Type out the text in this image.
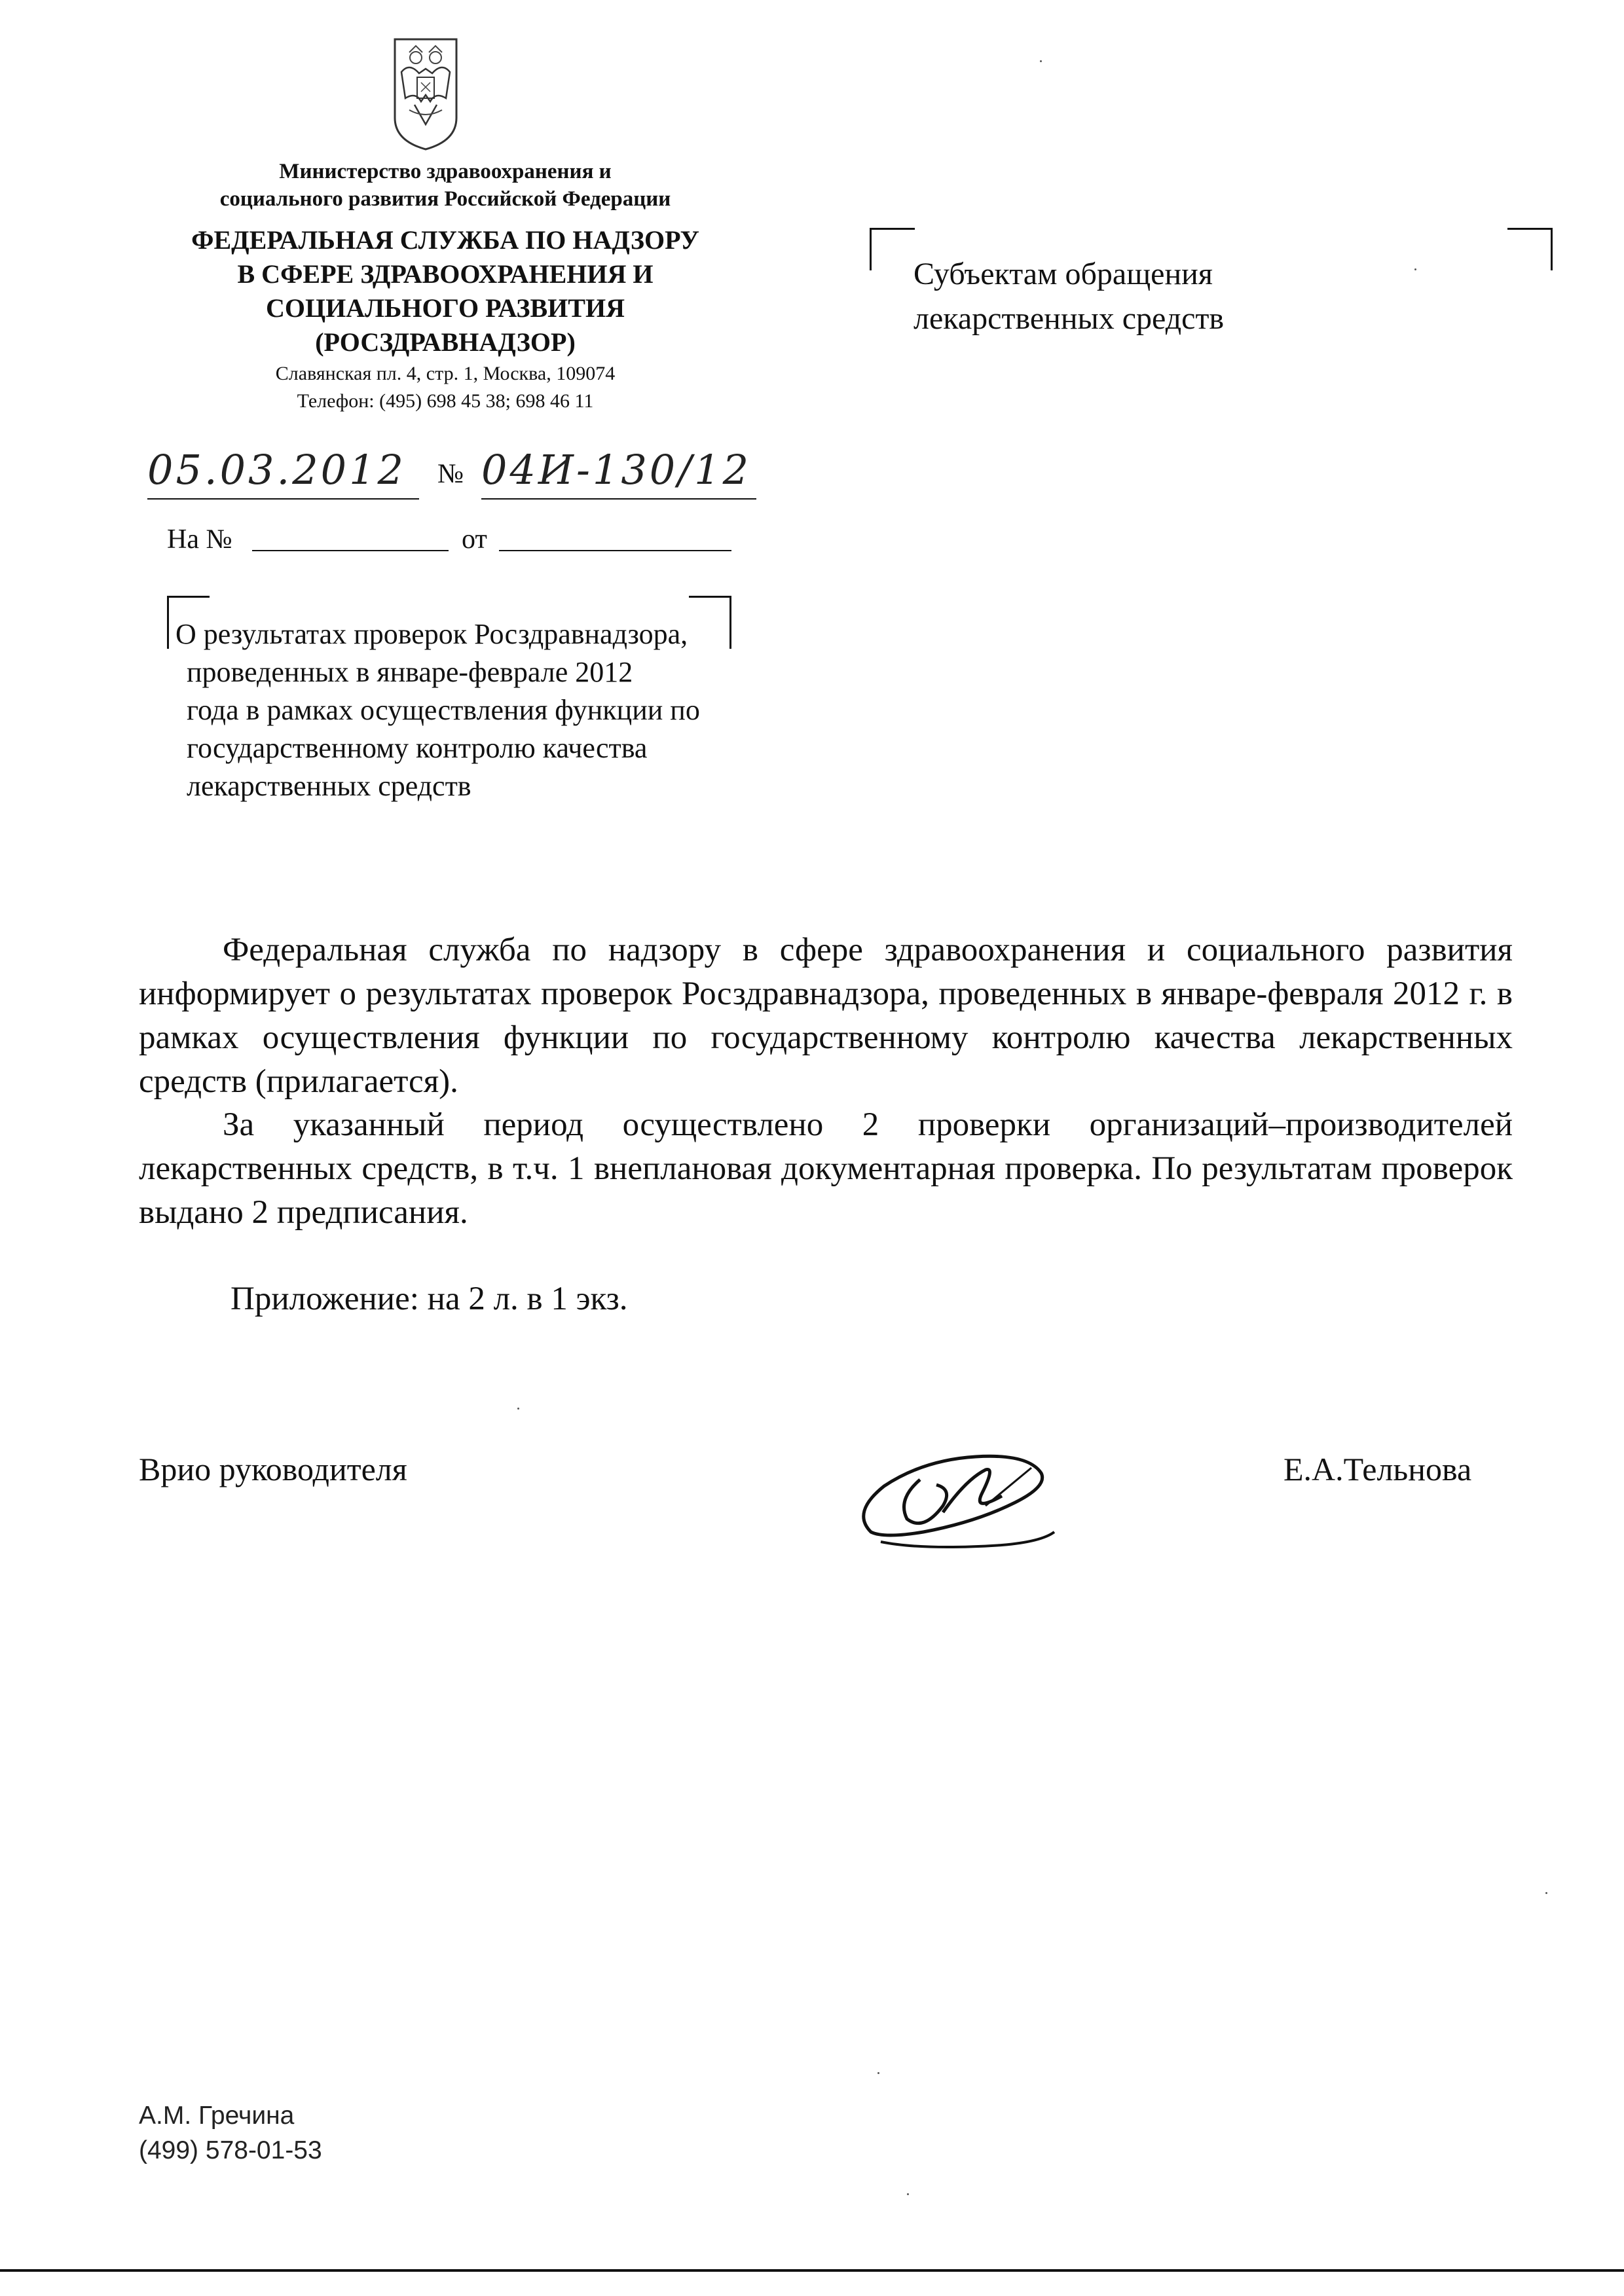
Министерство здравоохранения и
социального развития Российской Федерации
ФЕДЕРАЛЬНАЯ СЛУЖБА ПО НАДЗОРУ
В СФЕРЕ ЗДРАВООХРАНЕНИЯ И
СОЦИАЛЬНОГО РАЗВИТИЯ
(РОСЗДРАВНАДЗОР)
Славянская пл. 4, стр. 1, Москва, 109074
Телефон: (495) 698 45 38; 698 46 11
05.03.2012	№ 04И-130/12
На №	от
Субъектам обращения
лекарственных средств
О результатах проверок Росздравнадзора,
проведенных в январе-феврале 2012
года в рамках осуществления функции по
государственному контролю качества
лекарственных средств
Федеральная служба по надзору в сфере здравоохранения и социального развития информирует о результатах проверок Росздравнадзора, проведенных в январе-февраля 2012 г. в рамках осуществления функции по государственному контролю качества лекарственных средств (прилагается).
За указанный период осуществлено 2 проверки организаций–производителей лекарственных средств, в т.ч. 1 внеплановая документарная проверка. По результатам проверок выдано 2 предписания.
Приложение: на 2 л. в 1 экз.
Врио руководителя	Е.А.Тельнова
А.М. Гречина
(499) 578-01-53
